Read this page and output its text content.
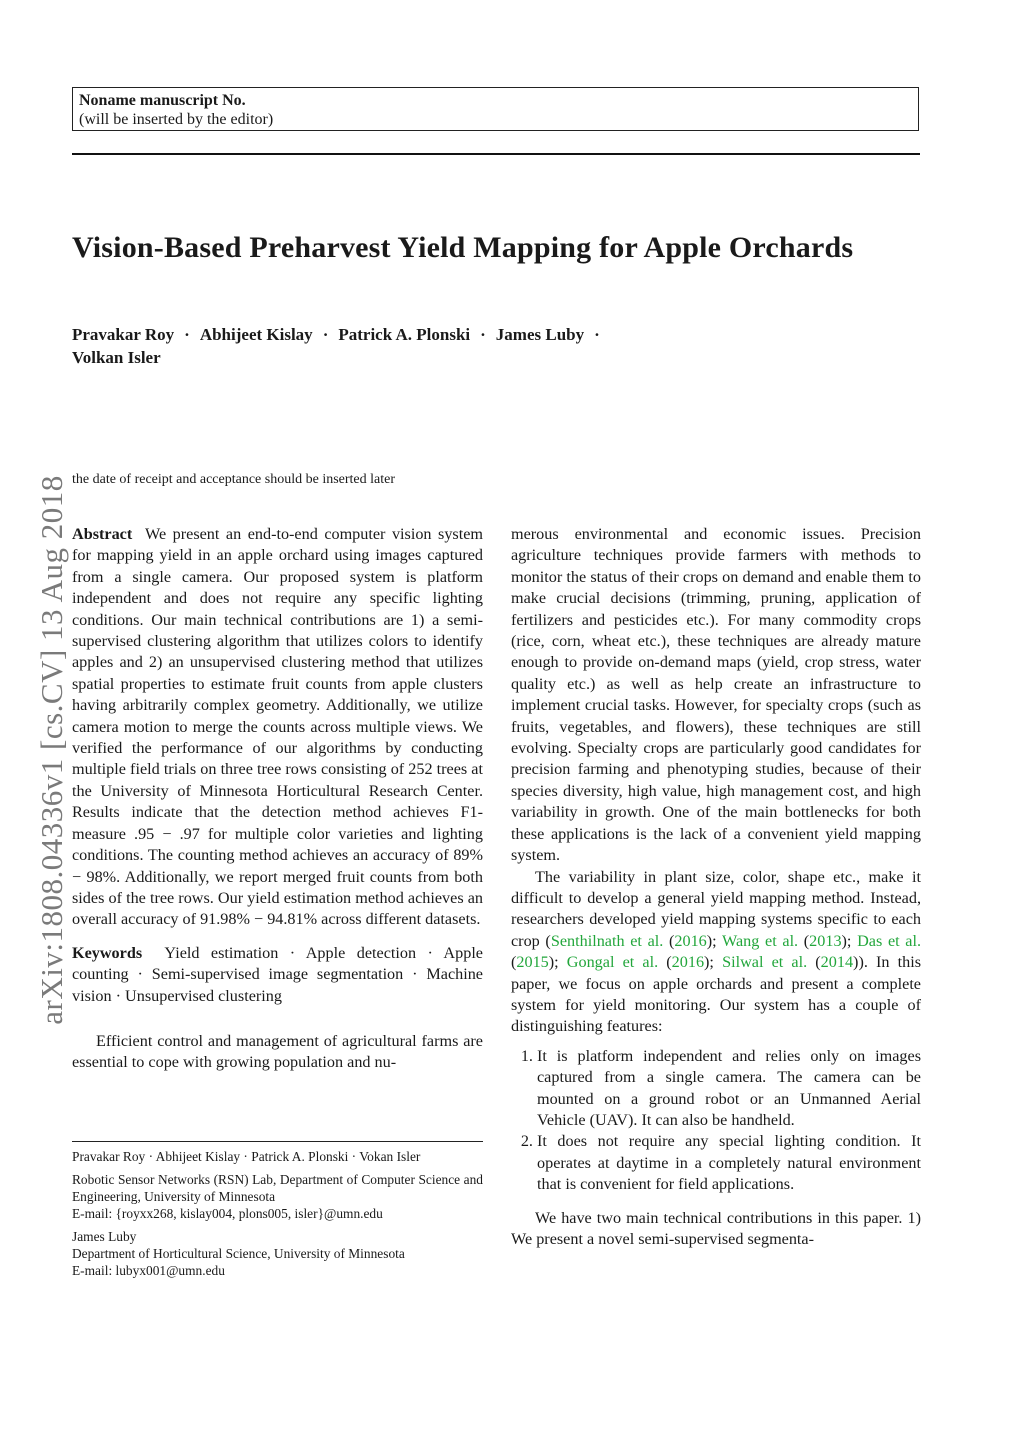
Noname manuscript No.
(will be inserted by the editor)
Vision-Based Preharvest Yield Mapping for Apple Orchards
Pravakar Roy · Abhijeet Kislay · Patrick A. Plonski · James Luby ·
Volkan Isler
arXiv:1808.04336v1 [cs.CV] 13 Aug 2018 the date of receipt and acceptance should be inserted later

Abstract We present an end-to-end computer vision system for mapping yield in an apple orchard using images captured from a single camera. Our proposed system is platform independent and does not require any specific lighting conditions. Our main technical contributions are 1) a semi-supervised clustering algorithm that utilizes colors to identify apples and 2) an unsupervised clustering method that utilizes spatial properties to estimate fruit counts from apple clusters having arbitrarily complex geometry. Additionally, we utilize camera motion to merge the counts across multiple views. We verified the performance of our algorithms by conducting multiple field trials on three tree rows consisting of 252 trees at the University of Minnesota Horticultural Research Center. Results indicate that the detection method achieves F1-measure .95 − .97 for multiple color varieties and lighting conditions. The counting method achieves an accuracy of 89% − 98%. Additionally, we report merged fruit counts from both sides of the tree rows. Our yield estimation method achieves an overall accuracy of 91.98% − 94.81% across different datasets.

Keywords Yield estimation · Apple detection · Apple counting · Semi-supervised image segmentation · Machine vision · Unsupervised clustering

Efficient control and management of agricultural farms are essential to cope with growing population and nu-

Pravakar Roy · Abhijeet Kislay · Patrick A. Plonski · Vokan Isler

Robotic Sensor Networks (RSN) Lab, Department of Computer Science and Engineering, University of Minnesota

E-mail: {royxx268, kislay004, plons005, isler}@umn.edu

James Luby

Department of Horticultural Science, University of Minnesota

E-mail: lubyx001@umn.edu

merous environmental and economic issues. Precision agriculture techniques provide farmers with methods to monitor the status of their crops on demand and enable them to make crucial decisions (trimming, pruning, application of fertilizers and pesticides etc.). For many commodity crops (rice, corn, wheat etc.), these techniques are already mature enough to provide on-demand maps (yield, crop stress, water quality etc.) as well as help create an infrastructure to implement crucial tasks. However, for specialty crops (such as fruits, vegetables, and flowers), these techniques are still evolving. Specialty crops are particularly good candidates for precision farming and phenotyping studies, because of their species diversity, high value, high management cost, and high variability in growth. One of the main bottlenecks for both these applications is the lack of a convenient yield mapping system.

The variability in plant size, color, shape etc., make it difficult to develop a general yield mapping method. Instead, researchers developed yield mapping systems specific to each crop (Senthilnath et al. (2016); Wang et al. (2013); Das et al. (2015); Gongal et al. (2016); Silwal et al. (2014)). In this paper, we focus on apple orchards and present a complete system for yield monitoring. Our system has a couple of distinguishing features:

1. It is platform independent and relies only on images captured from a single camera. The camera can be mounted on a ground robot or an Unmanned Aerial Vehicle (UAV). It can also be handheld.
2. It does not require any special lighting condition. It operates at daytime in a completely natural environment that is convenient for field applications.

We have two main technical contributions in this paper. 1) We present a novel semi-supervised segmenta-
